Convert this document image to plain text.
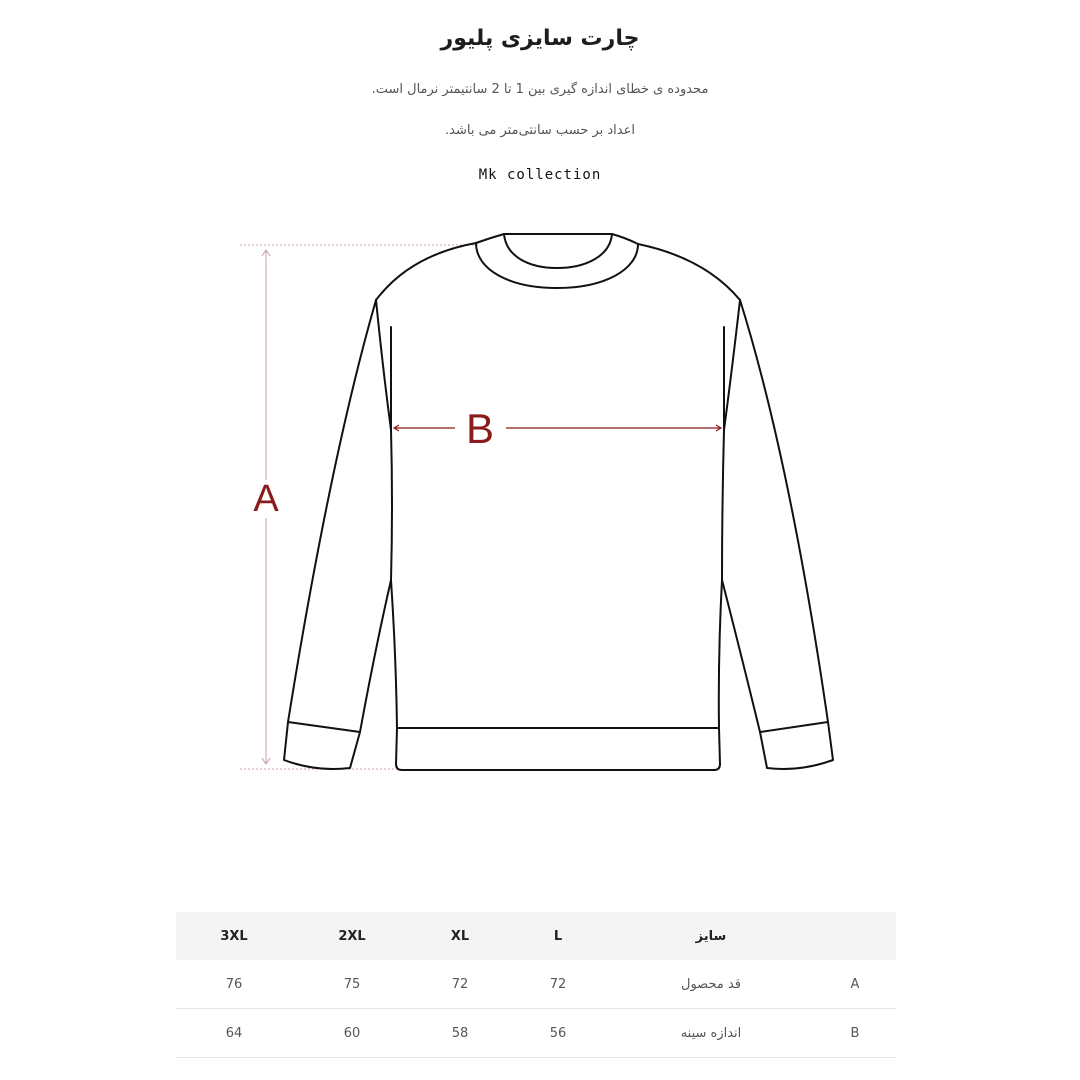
چارت سایزی پلیور
محدوده ی خطای اندازه گیری بین 1 تا 2 سانتیمتر نرمال است.
اعداد بر حسب سانتی‌متر می باشد.
Mk collection
A
B
3XL	2XL	XL	L	سایز	
76	75	72	72	قد محصول	A
64	60	58	56	اندازه سینه	B
